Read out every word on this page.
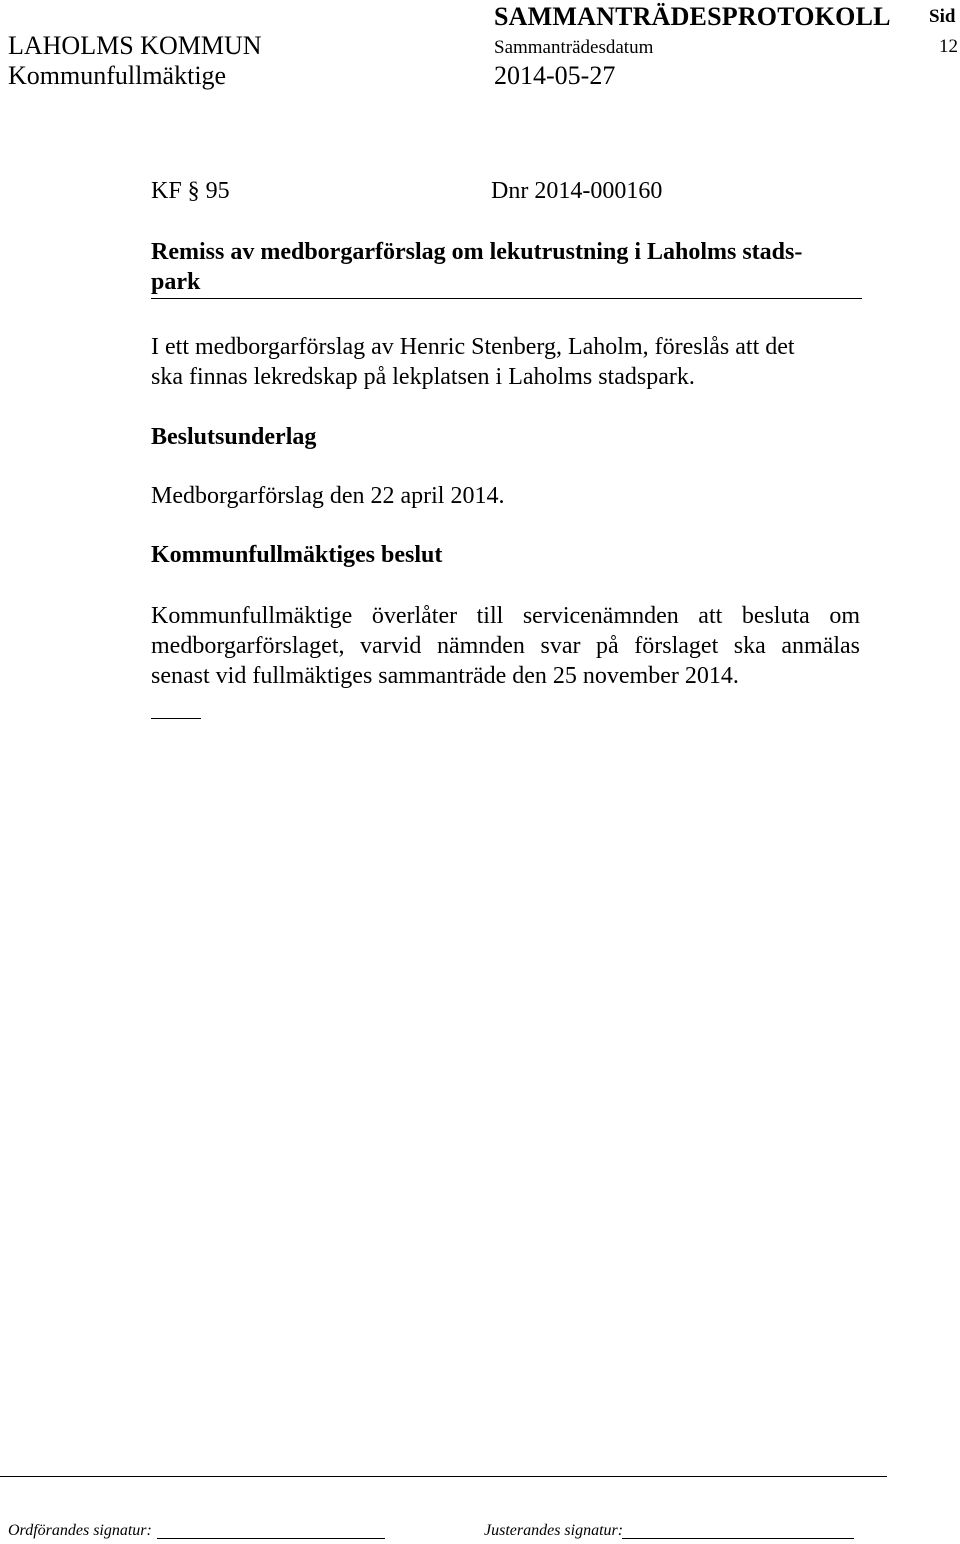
SAMMANTRÄDESPROTOKOLL Sid
LAHOLMS KOMMUN	Sammanträdesdatum	12
Kommunfullmäktige	2014-05-27
KF § 95	Dnr 2014-000160
Remiss av medborgarförslag om lekutrustning i Laholms stads-
park
I ett medborgarförslag av Henric Stenberg, Laholm, föreslås att det
ska finnas lekredskap på lekplatsen i Laholms stadspark.
Beslutsunderlag
Medborgarförslag den 22 april 2014.
Kommunfullmäktiges beslut
Kommunfullmäktige överlåter till servicenämnden att besluta om
medborgarförslaget, varvid nämnden svar på förslaget ska anmälas
senast vid fullmäktiges sammanträde den 25 november 2014.
Ordförandes signatur:	Justerandes signatur:
